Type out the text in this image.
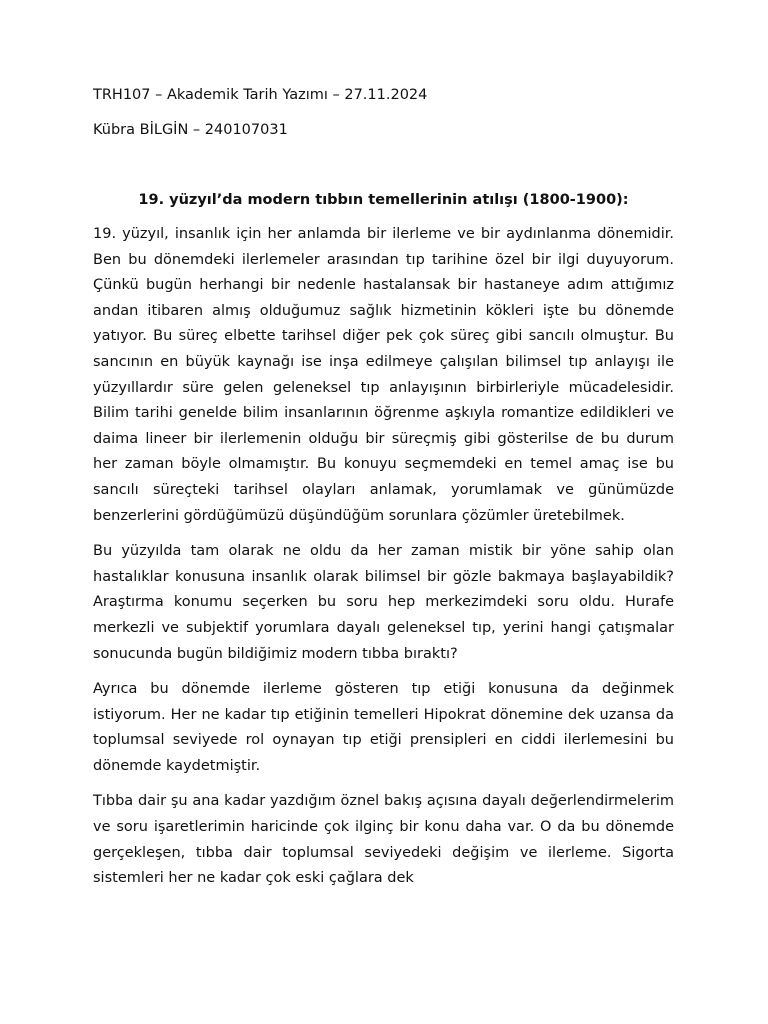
TRH107 – Akademik Tarih Yazımı – 27.11.2024

Kübra BİLGİN – 240107031

19. yüzyıl’da modern tıbbın temellerinin atılışı (1800-1900):

19. yüzyıl, insanlık için her anlamda bir ilerleme ve bir aydınlanma dönemidir. Ben bu dönemdeki ilerlemeler arasından tıp tarihine özel bir ilgi duyuyorum. Çünkü bugün herhangi bir nedenle hastalansak bir hastaneye adım attığımız andan itibaren almış olduğumuz sağlık hizmetinin kökleri işte bu dönemde yatıyor. Bu süreç elbette tarihsel diğer pek çok süreç gibi sancılı olmuştur. Bu sancının en büyük kaynağı ise inşa edilmeye çalışılan bilimsel tıp anlayışı ile yüzyıllardır süre gelen geleneksel tıp anlayışının birbirleriyle mücadelesidir. Bilim tarihi genelde bilim insanlarının öğrenme aşkıyla romantize edildikleri ve daima lineer bir ilerlemenin olduğu bir süreçmiş gibi gösterilse de bu durum her zaman böyle olmamıştır. Bu konuyu seçmemdeki en temel amaç ise bu sancılı süreçteki tarihsel olayları anlamak, yorumlamak ve günümüzde benzerlerini gördüğümüzü düşündüğüm sorunlara çözümler üretebilmek.

Bu yüzyılda tam olarak ne oldu da her zaman mistik bir yöne sahip olan hastalıklar konusuna insanlık olarak bilimsel bir gözle bakmaya başlayabildik? Araştırma konumu seçerken bu soru hep merkezimdeki soru oldu. Hurafe merkezli ve subjektif yorumlara dayalı geleneksel tıp, yerini hangi çatışmalar sonucunda bugün bildiğimiz modern tıbba bıraktı?

Ayrıca bu dönemde ilerleme gösteren tıp etiği konusuna da değinmek istiyorum. Her ne kadar tıp etiğinin temelleri Hipokrat dönemine dek uzansa da toplumsal seviyede rol oynayan tıp etiği prensipleri en ciddi ilerlemesini bu dönemde kaydetmiştir.

Tıbba dair şu ana kadar yazdığım öznel bakış açısına dayalı değerlendirmelerim ve soru işaretlerimin haricinde çok ilginç bir konu daha var. O da bu dönemde gerçekleşen, tıbba dair toplumsal seviyedeki değişim ve ilerleme. Sigorta sistemleri her ne kadar çok eski çağlara dek
